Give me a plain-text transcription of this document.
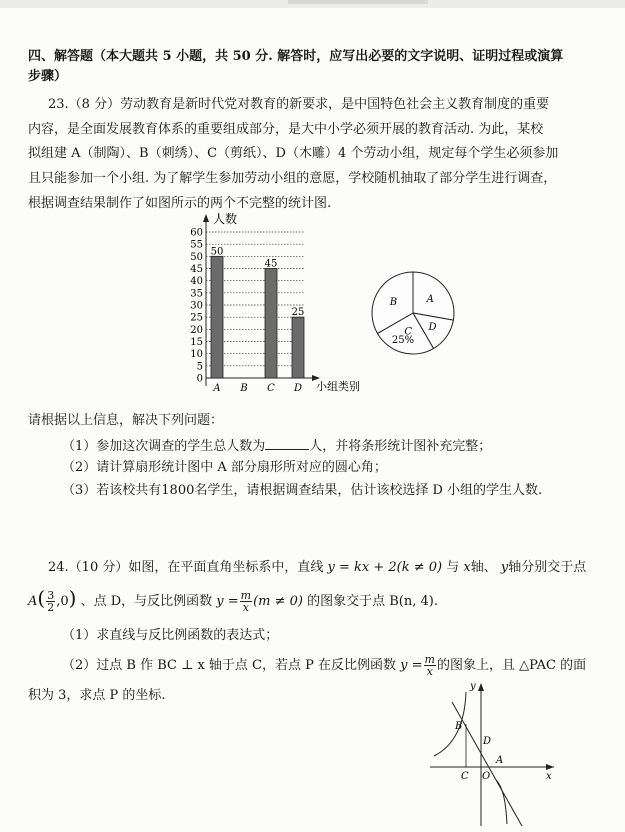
四、解答题（本大题共 5 小题，共 50 分. 解答时，应写出必要的文字说明、证明过程或演算
步骤）
23.（8 分）劳动教育是新时代党对教育的新要求，是中国特色社会主义教育制度的重要
内容，是全面发展教育体系的重要组成部分，是大中小学必须开展的教育活动. 为此，某校
拟组建 A（制陶）、B（刺绣）、C（剪纸）、D（木雕）4 个劳动小组，规定每个学生必须参加
且只能参加一个小组. 为了解学生参加劳动小组的意愿，学校随机抽取了部分学生进行调查，
根据调查结果制作了如图所示的两个不完整的统计图.
人数
小组类别
0
5
10
15
20
25
30
35
40
45
50
55
60
50
45
25
A B C D
A
D
C
B
25%
请根据以上信息，解决下列问题：
（1）参加这次调查的学生总人数为	人，并将条形统计图补充完整；
（2）请计算扇形统计图中 A 部分扇形所对应的圆心角；
（3）若该校共有1800名学生，请根据调查结果，估计该校选择 D 小组的学生人数.
24.（10 分）如图，在平面直角坐标系中，直线 y = kx + 2(k ≠ 0) 与 x轴、 y轴分别交于点
$A( \frac{3}{2} ,0)$ 、点 D，与反比例函数 $y = \frac{m}{x} (m \ne 0)$ 的图象交于点 B(n, 4).
（1）求直线与反比例函数的表达式；
（2）过点 B 作 BC ⊥ x 轴于点 C，若点 P 在反比例函数 $y = \frac{m}{x}$ 的图象上，且 △PAC 的面
积为 3，求点 P 的坐标.
y
x
B
D
A
C O
